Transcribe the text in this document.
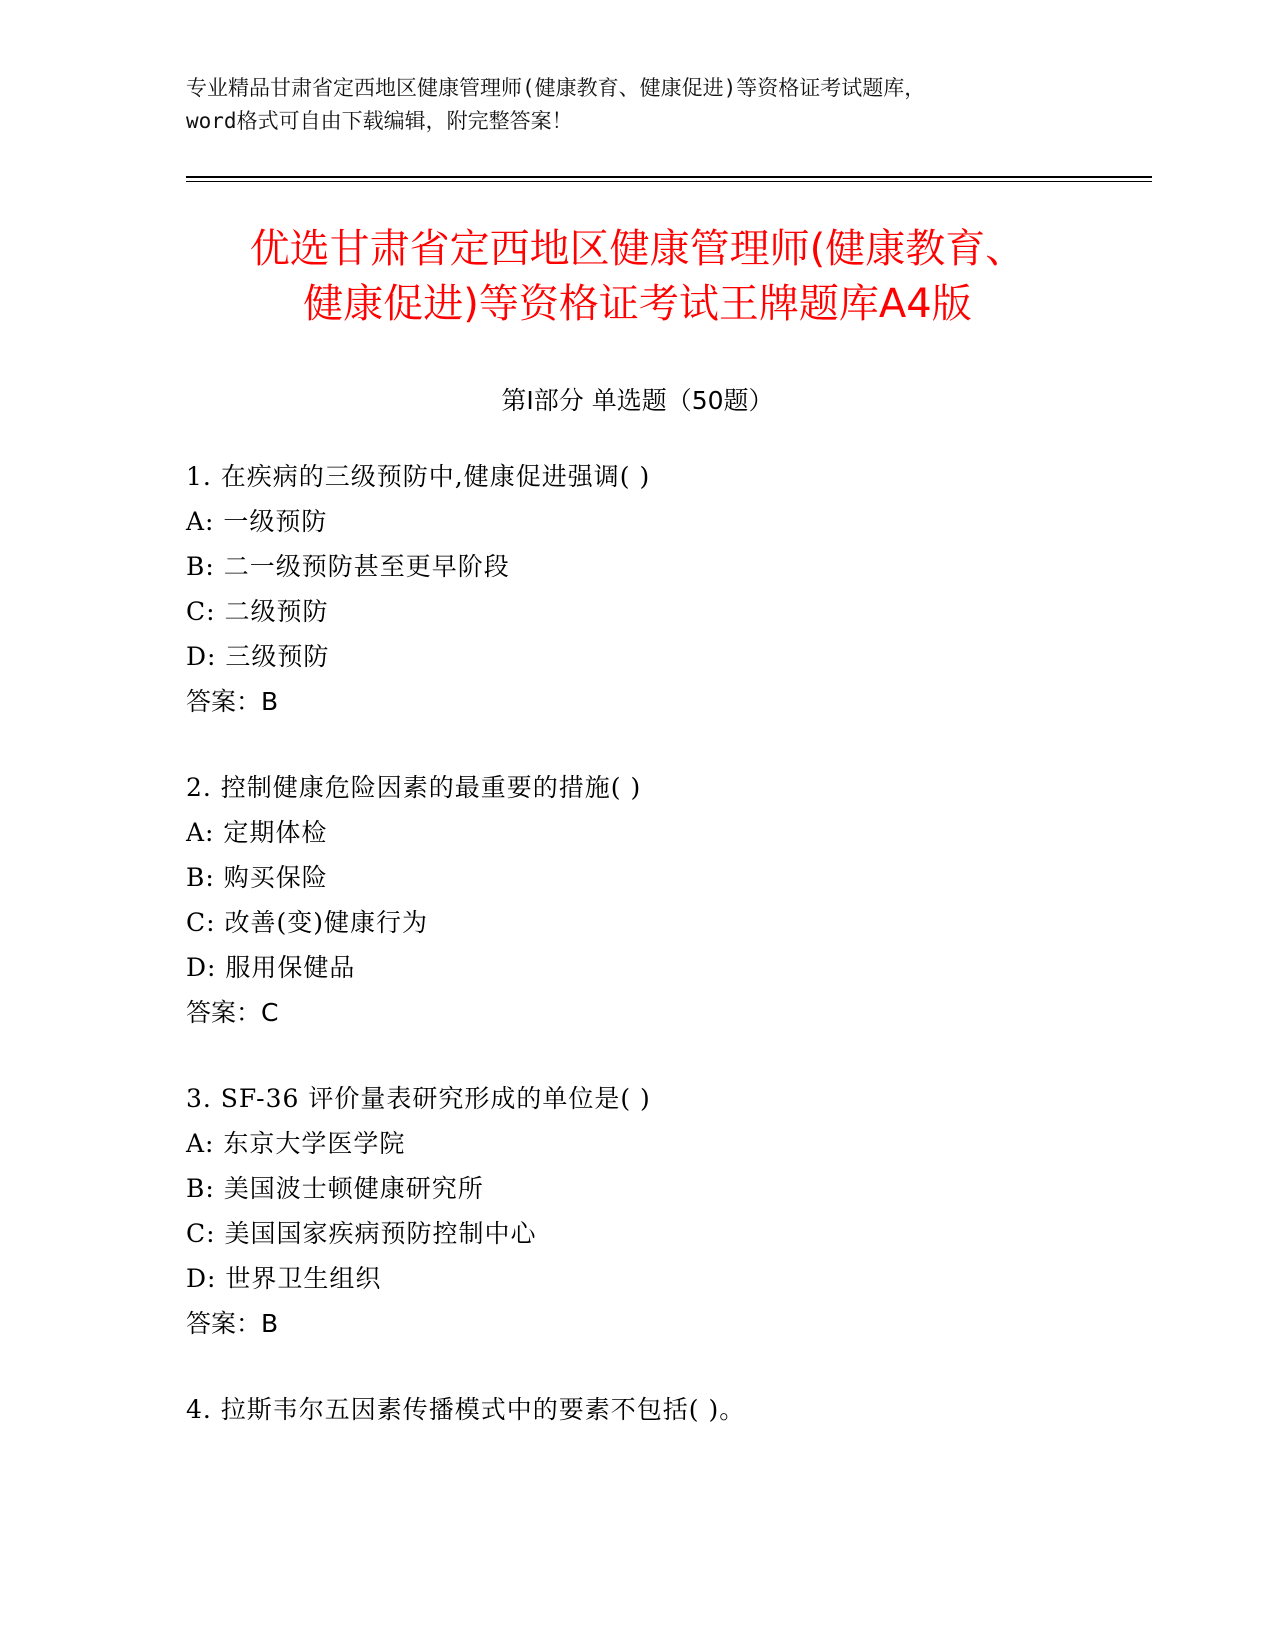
专业精品甘肃省定西地区健康管理师(健康教育、健康促进)等资格证考试题库，
word格式可自由下载编辑，附完整答案！
优选甘肃省定西地区健康管理师(健康教育、
健康促进)等资格证考试王牌题库A4版
第Ⅰ部分 单选题（50题）
1. 在疾病的三级预防中,健康促进强调( )
A: 一级预防
B: 二一级预防甚至更早阶段
C: 二级预防
D: 三级预防
答案：B
2. 控制健康危险因素的最重要的措施( )
A: 定期体检
B: 购买保险
C: 改善(变)健康行为
D: 服用保健品
答案：C
3. SF-36 评价量表研究形成的单位是( )
A: 东京大学医学院
B: 美国波士顿健康研究所
C: 美国国家疾病预防控制中心
D: 世界卫生组织
答案：B
4. 拉斯韦尔五因素传播模式中的要素不包括( )。
